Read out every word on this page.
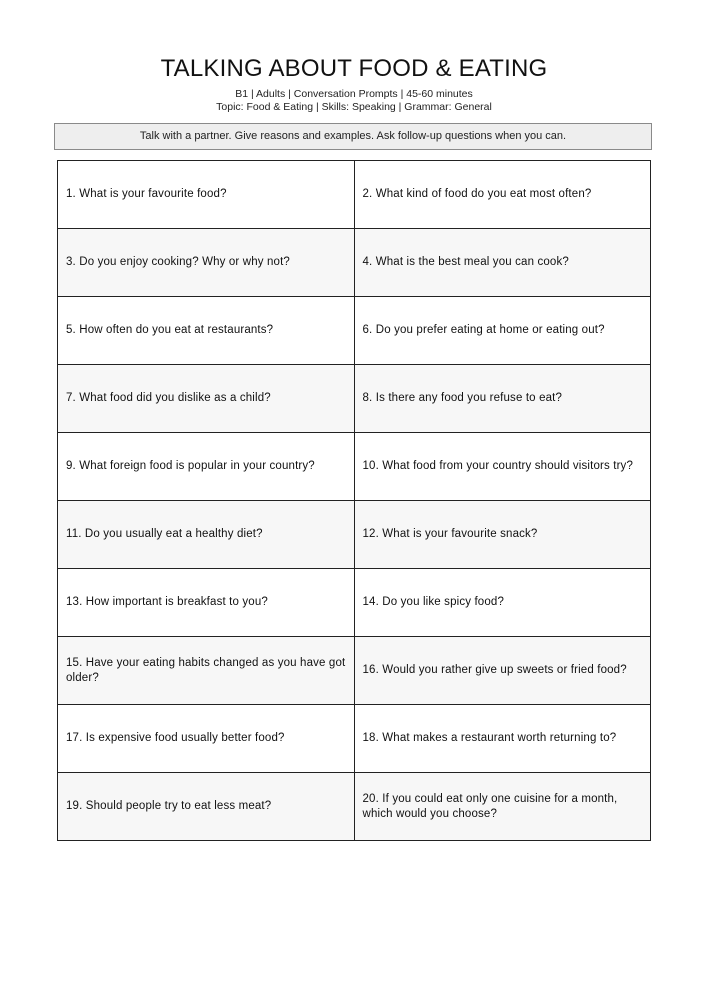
TALKING ABOUT FOOD & EATING
B1 | Adults | Conversation Prompts | 45-60 minutes
Topic: Food & Eating | Skills: Speaking | Grammar: General
Talk with a partner. Give reasons and examples. Ask follow-up questions when you can.
1. What is your favourite food?	2. What kind of food do you eat most often?
3. Do you enjoy cooking? Why or why not?	4. What is the best meal you can cook?
5. How often do you eat at restaurants?	6. Do you prefer eating at home or eating out?
7. What food did you dislike as a child?	8. Is there any food you refuse to eat?
9. What foreign food is popular in your country?	10. What food from your country should visitors try?
11. Do you usually eat a healthy diet?	12. What is your favourite snack?
13. How important is breakfast to you?	14. Do you like spicy food?
15. Have your eating habits changed as you have got older?	16. Would you rather give up sweets or fried food?
17. Is expensive food usually better food?	18. What makes a restaurant worth returning to?
19. Should people try to eat less meat?	20. If you could eat only one cuisine for a month, which would you choose?
